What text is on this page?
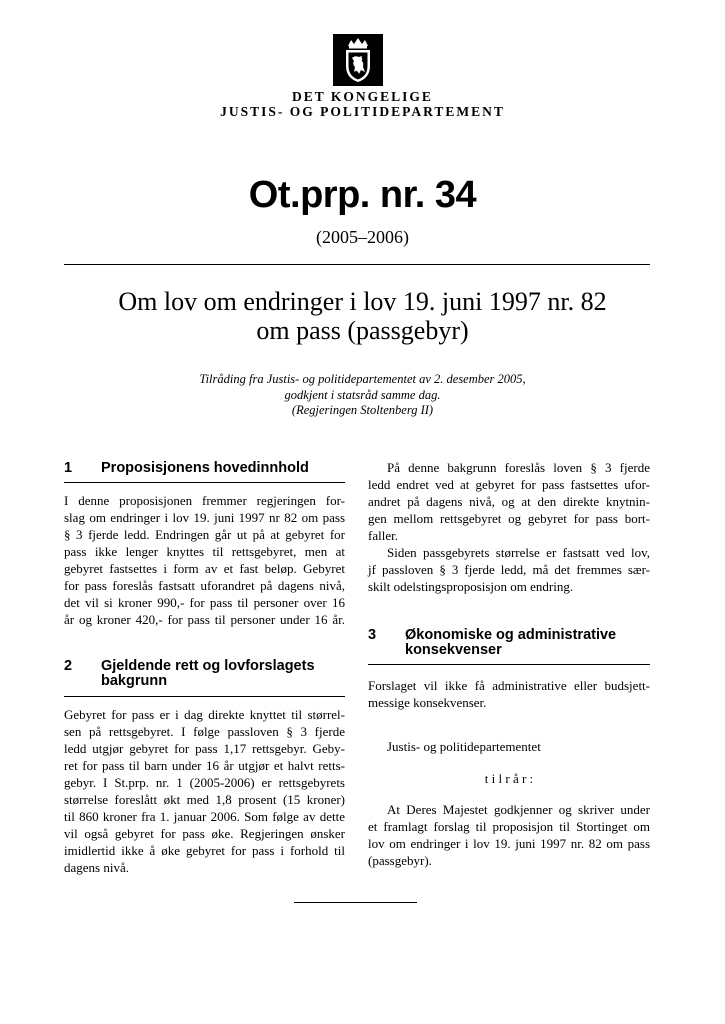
DET KONGELIGE
JUSTIS- OG POLITIDEPARTEMENT
Ot.prp. nr. 34
(2005–2006)
Om lov om endringer i lov 19. juni 1997 nr. 82
om pass (passgebyr)
Tilråding fra Justis- og politidepartementet av 2. desember 2005,
godkjent i statsråd samme dag.
(Regjeringen Stoltenberg II)
1 Proposisjonens hovedinnhold
I denne proposisjonen fremmer regjeringen for-
slag om endringer i lov 19. juni 1997 nr 82 om pass
§ 3 fjerde ledd. Endringen går ut på at gebyret for
pass ikke lenger knyttes til rettsgebyret, men at
gebyret fastsettes i form av et fast beløp. Gebyret
for pass foreslås fastsatt uforandret på dagens nivå,
det vil si kroner 990,- for pass til personer over 16
år og kroner 420,- for pass til personer under 16 år.
2 Gjeldende rett og lovforslagets
bakgrunn
Gebyret for pass er i dag direkte knyttet til størrel-
sen på rettsgebyret. I følge passloven § 3 fjerde
ledd utgjør gebyret for pass 1,17 rettsgebyr. Geby-
ret for pass til barn under 16 år utgjør et halvt retts-
gebyr. I St.prp. nr. 1 (2005-2006) er rettsgebyrets
størrelse foreslått økt med 1,8 prosent (15 kroner)
til 860 kroner fra 1. januar 2006. Som følge av dette
vil også gebyret for pass øke. Regjeringen ønsker
imidlertid ikke å øke gebyret for pass i forhold til
dagens nivå.
På denne bakgrunn foreslås loven § 3 fjerde
ledd endret ved at gebyret for pass fastsettes ufor-
andret på dagens nivå, og at den direkte knytnin-
gen mellom rettsgebyret og gebyret for pass bort-
faller.
Siden passgebyrets størrelse er fastsatt ved lov,
jf passloven § 3 fjerde ledd, må det fremmes sær-
skilt odelstingsproposisjon om endring.
3 Økonomiske og administrative
konsekvenser
Forslaget vil ikke få administrative eller budsjett-
messige konsekvenser.
Justis- og politidepartementet
t i l r å r :
At Deres Majestet godkjenner og skriver under
et framlagt forslag til proposisjon til Stortinget om
lov om endringer i lov 19. juni 1997 nr. 82 om pass
(passgebyr).
